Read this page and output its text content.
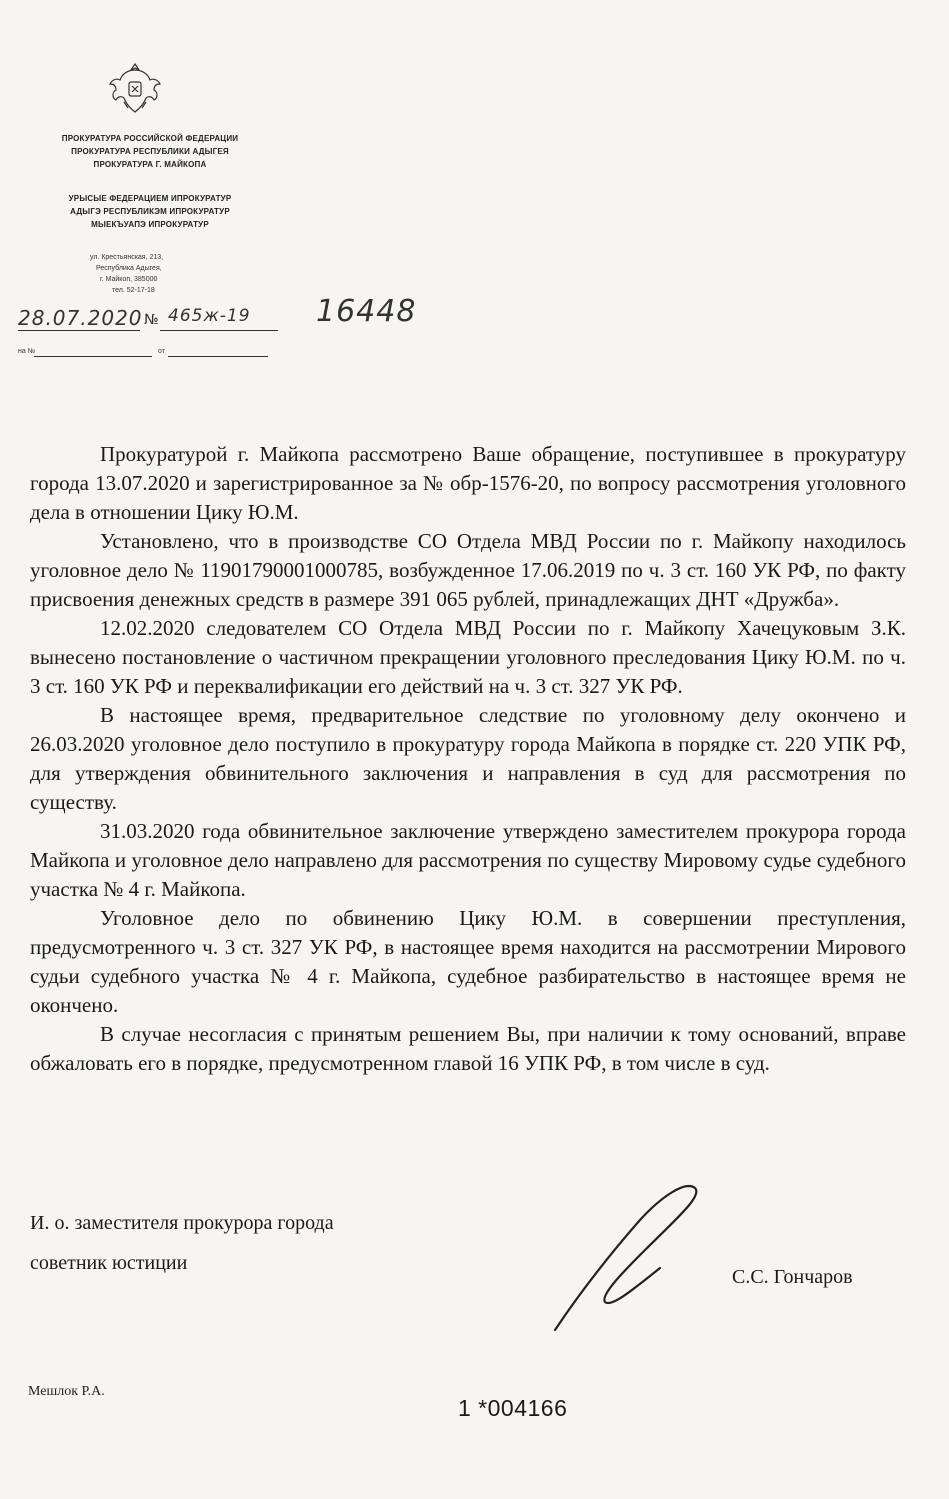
ПРОКУРАТУРА РОССИЙСКОЙ ФЕДЕРАЦИИ
ПРОКУРАТУРА РЕСПУБЛИКИ АДЫГЕЯ
ПРОКУРАТУРА Г. МАЙКОПА
УРЫСЫЕ ФЕДЕРАЦИЕМ ИПРОКУРАТУР
АДЫГЭ РЕСПУБЛИКЭМ ИПРОКУРАТУР
МЫЕКЪУАПЭ ИПРОКУРАТУР
ул. Крестьянская, 213,
Республика Адыгея,
г. Майкоп, 385000
тел. 52-17-18
28.07.2020 № 465ж-19 16448
на №	от

Прокуратурой г. Майкопа рассмотрено Ваше обращение, поступившее в прокуратуру города 13.07.2020 и зарегистрированное за № обр-1576-20, по вопросу рассмотрения уголовного дела в отношении Цику Ю.М.

Установлено, что в производстве СО Отдела МВД России по г. Майкопу находилось уголовное дело № 11901790001000785, возбужденное 17.06.2019 по ч. 3 ст. 160 УК РФ, по факту присвоения денежных средств в размере 391 065 рублей, принадлежащих ДНТ «Дружба».

12.02.2020 следователем СО Отдела МВД России по г. Майкопу Хачецуковым З.К. вынесено постановление о частичном прекращении уголовного преследования Цику Ю.М. по ч. 3 ст. 160 УК РФ и переквалификации его действий на ч. 3 ст. 327 УК РФ.

В настоящее время, предварительное следствие по уголовному делу окончено и 26.03.2020 уголовное дело поступило в прокуратуру города Майкопа в порядке ст. 220 УПК РФ, для утверждения обвинительного заключения и направления в суд для рассмотрения по существу.

31.03.2020 года обвинительное заключение утверждено заместителем прокурора города Майкопа и уголовное дело направлено для рассмотрения по существу Мировому судье судебного участка № 4 г. Майкопа.

Уголовное дело по обвинению Цику Ю.М. в совершении преступления, предусмотренного ч. 3 ст. 327 УК РФ, в настоящее время находится на рассмотрении Мирового судьи судебного участка № 4 г. Майкопа, судебное разбирательство в настоящее время не окончено.

В случае несогласия с принятым решением Вы, при наличии к тому оснований, вправе обжаловать его в порядке, предусмотренном главой 16 УПК РФ, в том числе в суд.

И. о. заместителя прокурора города
советник юстиции
С.С. Гончаров
Мешлок Р.А.
1 *004166
